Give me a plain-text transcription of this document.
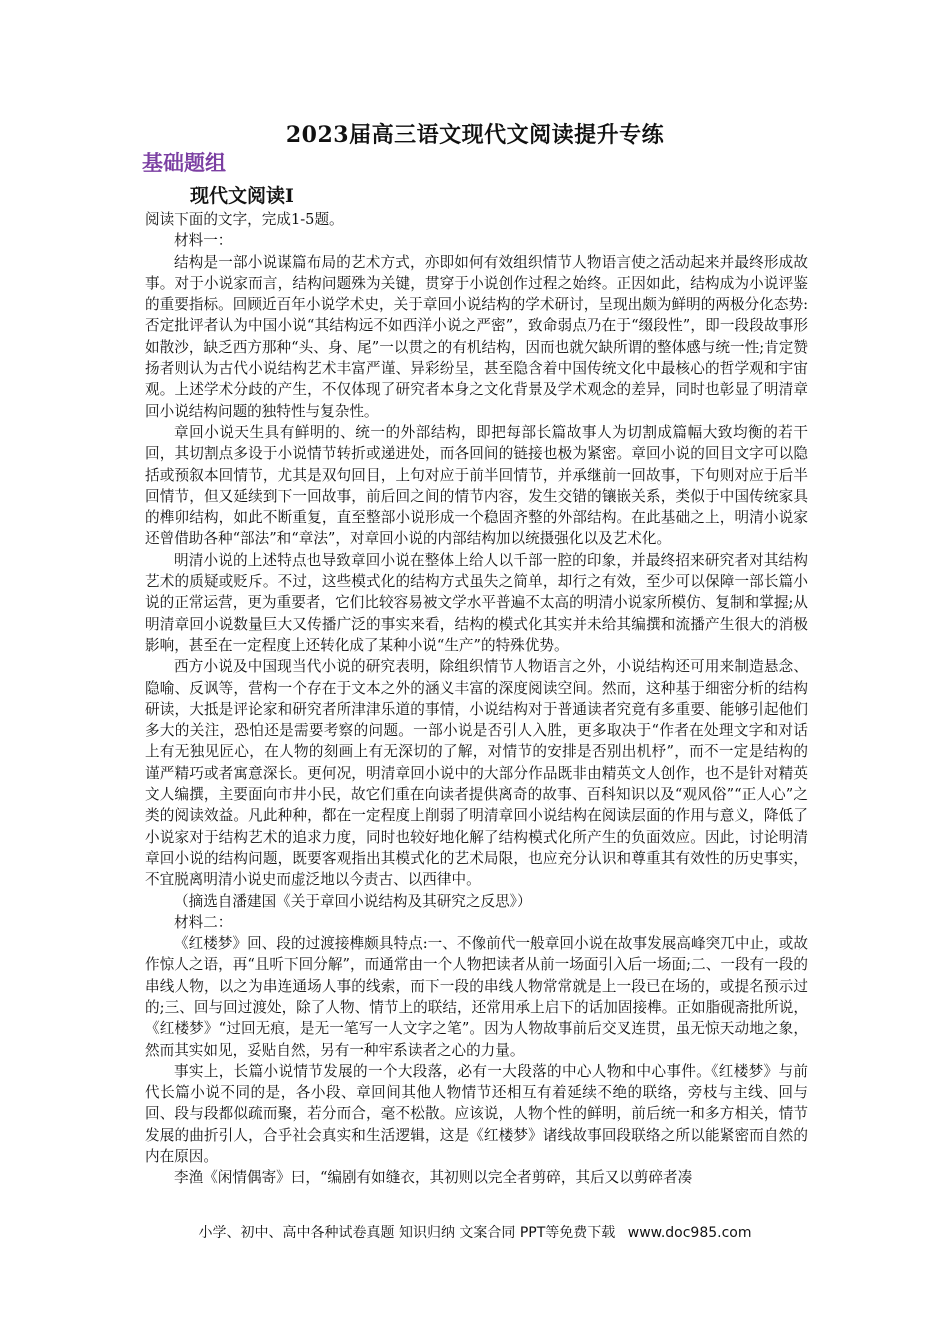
2023届高三语文现代文阅读提升专练
基础题组
现代文阅读Ⅰ

阅读下面的文字，完成1-5题。

材料一：

结构是一部小说谋篇布局的艺术方式，亦即如何有效组织情节人物语言使之活动起来并最终形成故事。对于小说家而言，结构问题殊为关键，贯穿于小说创作过程之始终。正因如此，结构成为小说评鉴的重要指标。回顾近百年小说学术史，关于章回小说结构的学术研讨，呈现出颇为鲜明的两极分化态势:否定批评者认为中国小说“其结构远不如西洋小说之严密”，致命弱点乃在于“缀段性”，即一段段故事形如散沙，缺乏西方那种“头、身、尾”一以贯之的有机结构，因而也就欠缺所谓的整体感与统一性;肯定赞扬者则认为古代小说结构艺术丰富严谨、异彩纷呈，甚至隐含着中国传统文化中最核心的哲学观和宇宙观。上述学术分歧的产生，不仅体现了研究者本身之文化背景及学术观念的差异，同时也彰显了明清章回小说结构问题的独特性与复杂性。

章回小说天生具有鲜明的、统一的外部结构，即把每部长篇故事人为切割成篇幅大致均衡的若干回，其切割点多设于小说情节转折或递进处，而各回间的链接也极为紧密。章回小说的回目文字可以隐括或预叙本回情节，尤其是双句回目，上句对应于前半回情节，并承继前一回故事，下句则对应于后半回情节，但又延续到下一回故事，前后回之间的情节内容，发生交错的镶嵌关系，类似于中国传统家具的榫卯结构，如此不断重复，直至整部小说形成一个稳固齐整的外部结构。在此基础之上，明清小说家还曾借助各种“部法”和“章法”，对章回小说的内部结构加以统摄强化以及艺术化。

明清小说的上述特点也导致章回小说在整体上给人以千部一腔的印象，并最终招来研究者对其结构艺术的质疑或贬斥。不过，这些模式化的结构方式虽失之简单，却行之有效，至少可以保障一部长篇小说的正常运营，更为重要者，它们比较容易被文学水平普遍不太高的明清小说家所模仿、复制和掌握;从明清章回小说数量巨大又传播广泛的事实来看，结构的模式化其实并未给其编撰和流播产生很大的消极影响，甚至在一定程度上还转化成了某种小说“生产”的特殊优势。

西方小说及中国现当代小说的研究表明，除组织情节人物语言之外，小说结构还可用来制造悬念、隐喻、反讽等，营构一个存在于文本之外的涵义丰富的深度阅读空间。然而，这种基于细密分析的结构研读，大抵是评论家和研究者所津津乐道的事情，小说结构对于普通读者究竟有多重要、能够引起他们多大的关注，恐怕还是需要考察的问题。一部小说是否引人入胜，更多取决于“作者在处理文字和对话上有无独见匠心，在人物的刻画上有无深切的了解，对情节的安排是否别出机杼”，而不一定是结构的谨严精巧或者寓意深长。更何况，明清章回小说中的大部分作品既非由精英文人创作，也不是针对精英文人编撰，主要面向市井小民，故它们重在向读者提供离奇的故事、百科知识以及“观风俗”“正人心”之类的阅读效益。凡此种种，都在一定程度上削弱了明清章回小说结构在阅读层面的作用与意义，降低了小说家对于结构艺术的追求力度，同时也较好地化解了结构模式化所产生的负面效应。因此，讨论明清章回小说的结构问题，既要客观指出其模式化的艺术局限，也应充分认识和尊重其有效性的历史事实，不宜脱离明清小说史而虚泛地以今责古、以西律中。

（摘选自潘建国《关于章回小说结构及其研究之反思》）

材料二：

《红楼梦》回、段的过渡接榫颇具特点:一、不像前代一般章回小说在故事发展高峰突兀中止，或故作惊人之语，再“且听下回分解”，而通常由一个人物把读者从前一场面引入后一场面;二、一段有一段的串线人物，以之为串连通场人事的线索，而下一段的串线人物常常就是上一段已在场的，或提名预示过的;三、回与回过渡处，除了人物、情节上的联结，还常用承上启下的话加固接榫。正如脂砚斋批所说，《红楼梦》“过回无痕，是无一笔写一人文字之笔”。因为人物故事前后交叉连贯，虽无惊天动地之象，然而其实如见，妥贴自然，另有一种牢系读者之心的力量。

事实上，长篇小说情节发展的一个大段落，必有一大段落的中心人物和中心事件。《红楼梦》与前代长篇小说不同的是，各小段、章回间其他人物情节还相互有着延续不绝的联络，旁枝与主线、回与回、段与段都似疏而聚，若分而合，毫不松散。应该说，人物个性的鲜明，前后统一和多方相关，情节发展的曲折引人，合乎社会真实和生活逻辑，这是《红楼梦》诸线故事回段联络之所以能紧密而自然的内在原因。

李渔《闲情偶寄》曰，“编剧有如缝衣，其初则以完全者剪碎，其后又以剪碎者凑

小学、初中、高中各种试卷真题 知识归纳 文案合同 PPT等免费下载 www.doc985.com
